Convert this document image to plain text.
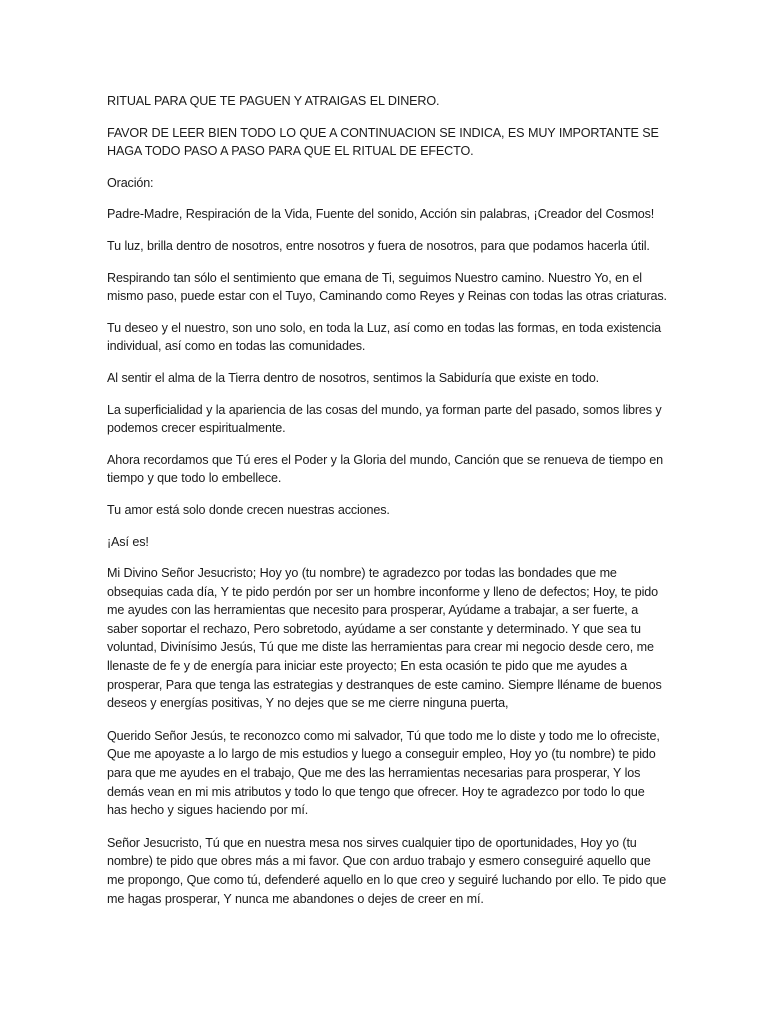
RITUAL PARA QUE TE PAGUEN Y ATRAIGAS EL DINERO.

FAVOR DE LEER BIEN TODO LO QUE A CONTINUACION SE INDICA, ES MUY IMPORTANTE SE HAGA TODO PASO A PASO PARA QUE EL RITUAL DE EFECTO.

Oración:

Padre-Madre, Respiración de la Vida, Fuente del sonido, Acción sin palabras, ¡Creador del Cosmos!

Tu luz, brilla dentro de nosotros, entre nosotros y fuera de nosotros, para que podamos hacerla útil.

Respirando tan sólo el sentimiento que emana de Ti, seguimos Nuestro camino. Nuestro Yo, en el mismo paso, puede estar con el Tuyo, Caminando como Reyes y Reinas con todas las otras criaturas.

Tu deseo y el nuestro, son uno solo, en toda la Luz, así como en todas las formas, en toda existencia individual, así como en todas las comunidades.

Al sentir el alma de la Tierra dentro de nosotros, sentimos la Sabiduría que existe en todo.

La superficialidad y la apariencia de las cosas del mundo, ya forman parte del pasado, somos libres y podemos crecer espiritualmente.

Ahora recordamos que Tú eres el Poder y la Gloria del mundo, Canción que se renueva de tiempo en tiempo y que todo lo embellece.

Tu amor está solo donde crecen nuestras acciones.

¡Así es!

Mi Divino Señor Jesucristo; Hoy yo (tu nombre) te agradezco por todas las bondades que me obsequias cada día, Y te pido perdón por ser un hombre inconforme y lleno de defectos; Hoy, te pido me ayudes con las herramientas que necesito para prosperar, Ayúdame a trabajar, a ser fuerte, a saber soportar el rechazo, Pero sobretodo, ayúdame a ser constante y determinado. Y que sea tu voluntad, Divinísimo Jesús, Tú que me diste las herramientas para crear mi negocio desde cero, me llenaste de fe y de energía para iniciar este proyecto; En esta ocasión te pido que me ayudes a prosperar, Para que tenga las estrategias y destranques de este camino. Siempre lléname de buenos deseos y energías positivas, Y no dejes que se me cierre ninguna puerta,

Querido Señor Jesús, te reconozco como mi salvador, Tú que todo me lo diste y todo me lo ofreciste, Que me apoyaste a lo largo de mis estudios y luego a conseguir empleo, Hoy yo (tu nombre) te pido para que me ayudes en el trabajo, Que me des las herramientas necesarias para prosperar, Y los demás vean en mi mis atributos y todo lo que tengo que ofrecer. Hoy te agradezco por todo lo que has hecho y sigues haciendo por mí.

Señor Jesucristo, Tú que en nuestra mesa nos sirves cualquier tipo de oportunidades, Hoy yo (tu nombre) te pido que obres más a mi favor. Que con arduo trabajo y esmero conseguiré aquello que me propongo, Que como tú, defenderé aquello en lo que creo y seguiré luchando por ello. Te pido que me hagas prosperar, Y nunca me abandones o dejes de creer en mí.
